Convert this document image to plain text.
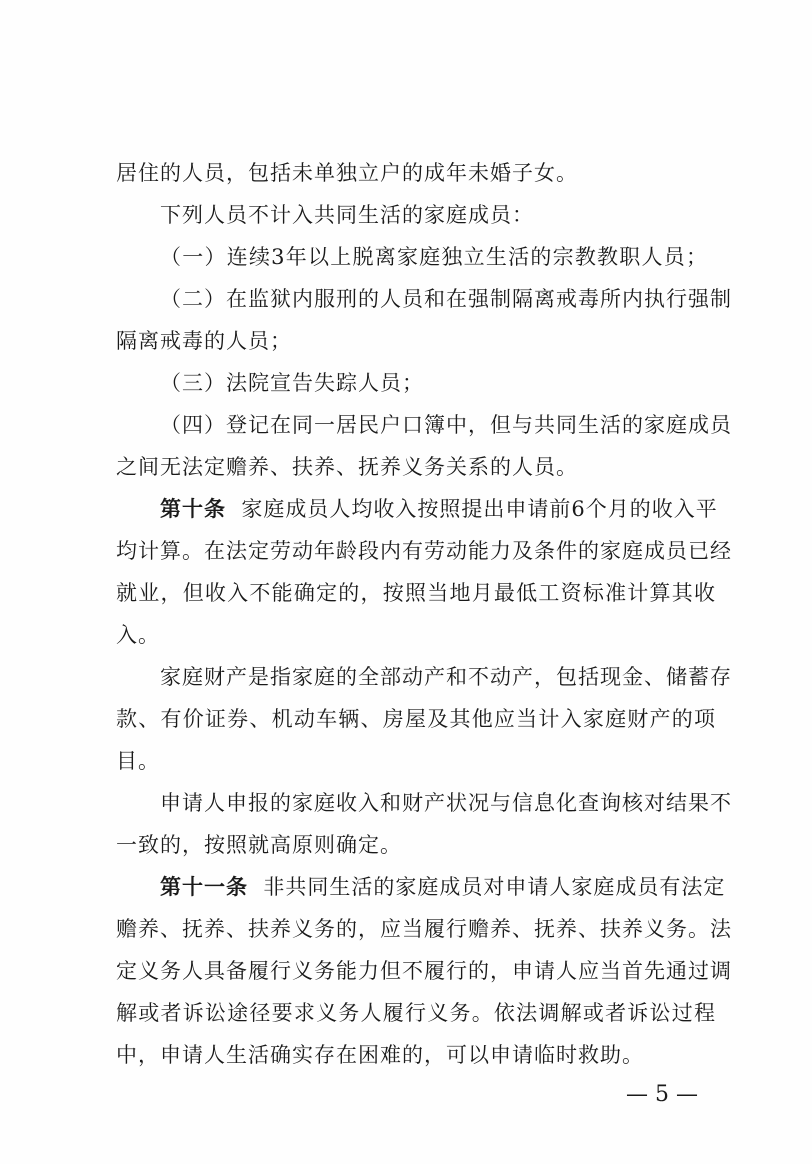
居住的人员，包括未单独立户的成年未婚子女。
下列人员不计入共同生活的家庭成员：
（一）连续3年以上脱离家庭独立生活的宗教教职人员；
（二）在监狱内服刑的人员和在强制隔离戒毒所内执行强制
隔离戒毒的人员；
（三）法院宣告失踪人员；
（四）登记在同一居民户口簿中，但与共同生活的家庭成员
之间无法定赡养、扶养、抚养义务关系的人员。
第十条 家庭成员人均收入按照提出申请前6个月的收入平
均计算。在法定劳动年龄段内有劳动能力及条件的家庭成员已经
就业，但收入不能确定的，按照当地月最低工资标准计算其收
入。
家庭财产是指家庭的全部动产和不动产，包括现金、储蓄存
款、有价证券、机动车辆、房屋及其他应当计入家庭财产的项
目。
申请人申报的家庭收入和财产状况与信息化查询核对结果不
一致的，按照就高原则确定。
第十一条 非共同生活的家庭成员对申请人家庭成员有法定
赡养、抚养、扶养义务的，应当履行赡养、抚养、扶养义务。法
定义务人具备履行义务能力但不履行的，申请人应当首先通过调
解或者诉讼途径要求义务人履行义务。依法调解或者诉讼过程
中，申请人生活确实存在困难的，可以申请临时救助。
— 5 —
